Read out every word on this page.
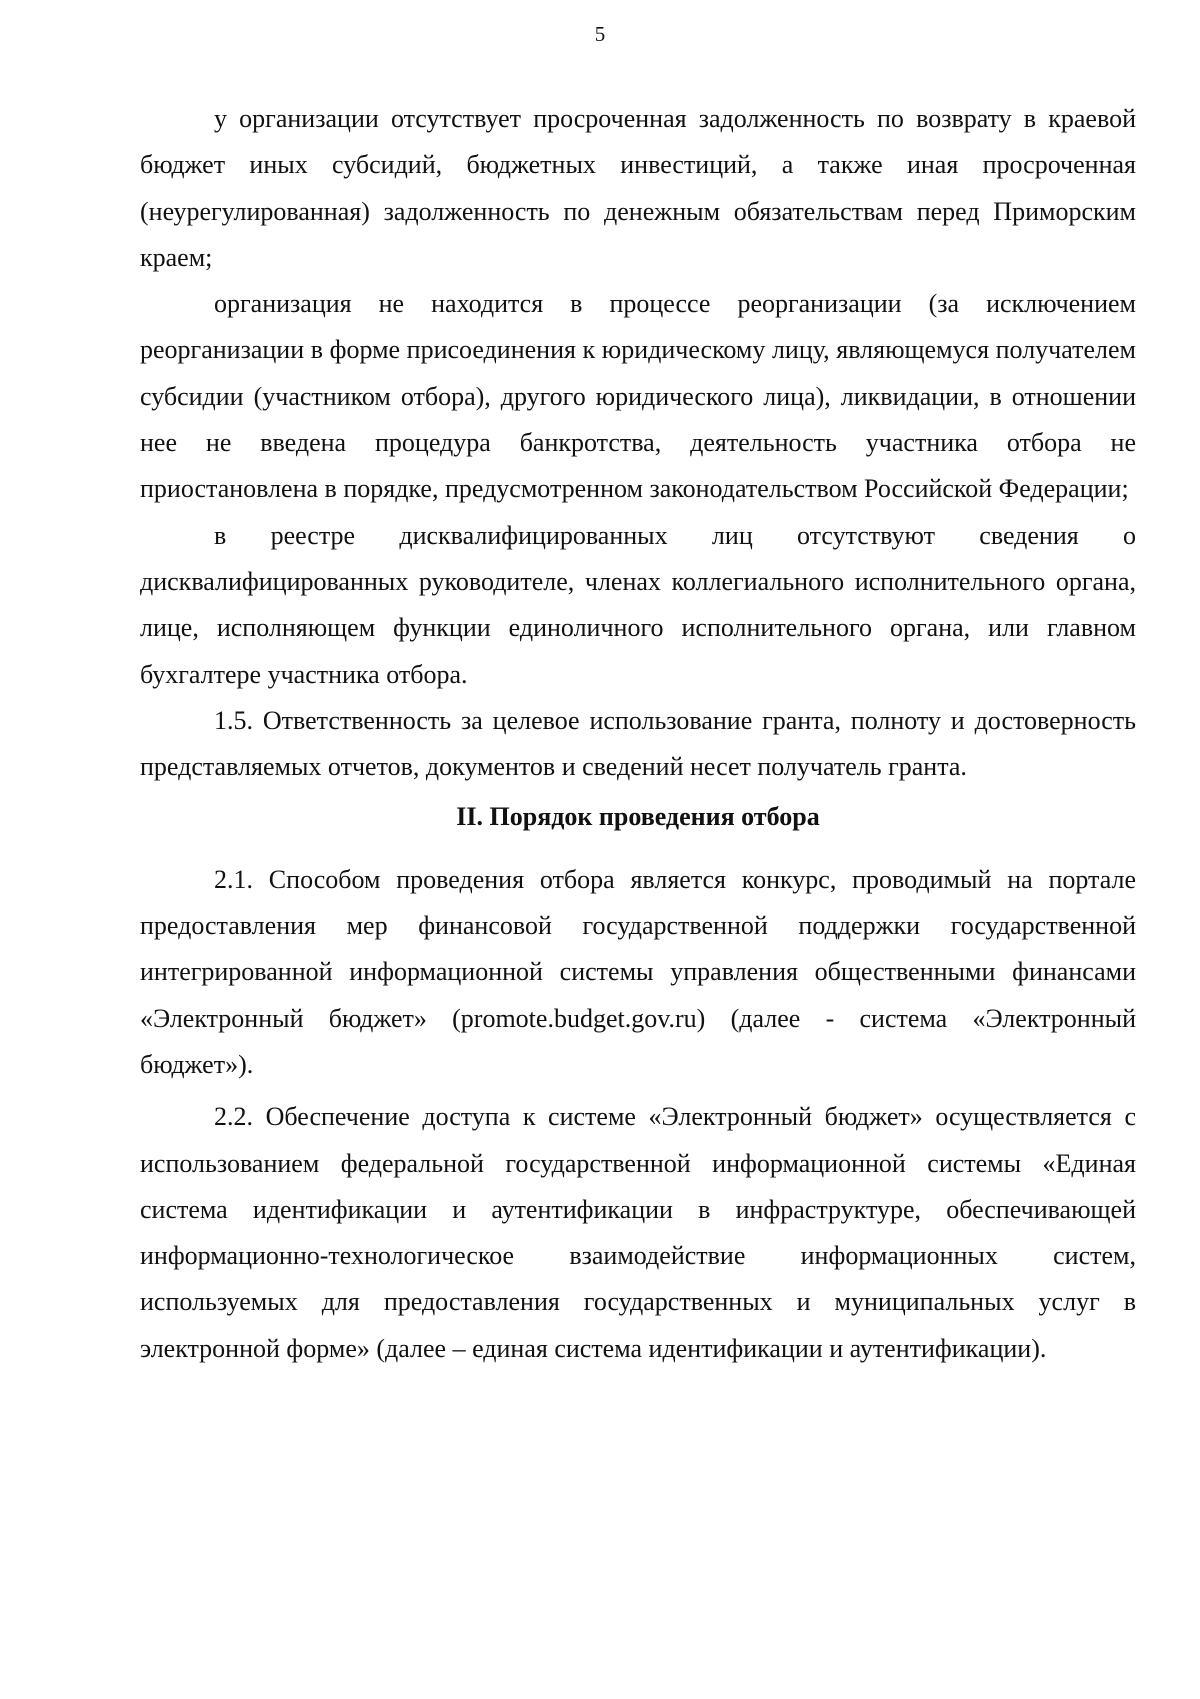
5

у организации отсутствует просроченная задолженность по возврату в краевой бюджет иных субсидий, бюджетных инвестиций, а также иная просроченная (неурегулированная) задолженность по денежным обязательствам перед Приморским краем;

организация не находится в процессе реорганизации (за исключением реорганизации в форме присоединения к юридическому лицу, являющемуся получателем субсидии (участником отбора), другого юридического лица), ликвидации, в отношении нее не введена процедура банкротства, деятельность участника отбора не приостановлена в порядке, предусмотренном законодательством Российской Федерации;

в реестре дисквалифицированных лиц отсутствуют сведения о дисквалифицированных руководителе, членах коллегиального исполнительного органа, лице, исполняющем функции единоличного исполнительного органа, или главном бухгалтере участника отбора.

1.5. Ответственность за целевое использование гранта, полноту и достоверность представляемых отчетов, документов и сведений несет получатель гранта.

II. Порядок проведения отбора

2.1. Способом проведения отбора является конкурс, проводимый на портале предоставления мер финансовой государственной поддержки государственной интегрированной информационной системы управления общественными финансами «Электронный бюджет» (promote.budget.gov.ru) (далее - система «Электронный бюджет»).

2.2. Обеспечение доступа к системе «Электронный бюджет» осуществляется с использованием федеральной государственной информационной системы «Единая система идентификации и аутентификации в инфраструктуре, обеспечивающей информационно-технологическое взаимодействие информационных систем, используемых для предоставления государственных и муниципальных услуг в электронной форме» (далее – единая система идентификации и аутентификации).
